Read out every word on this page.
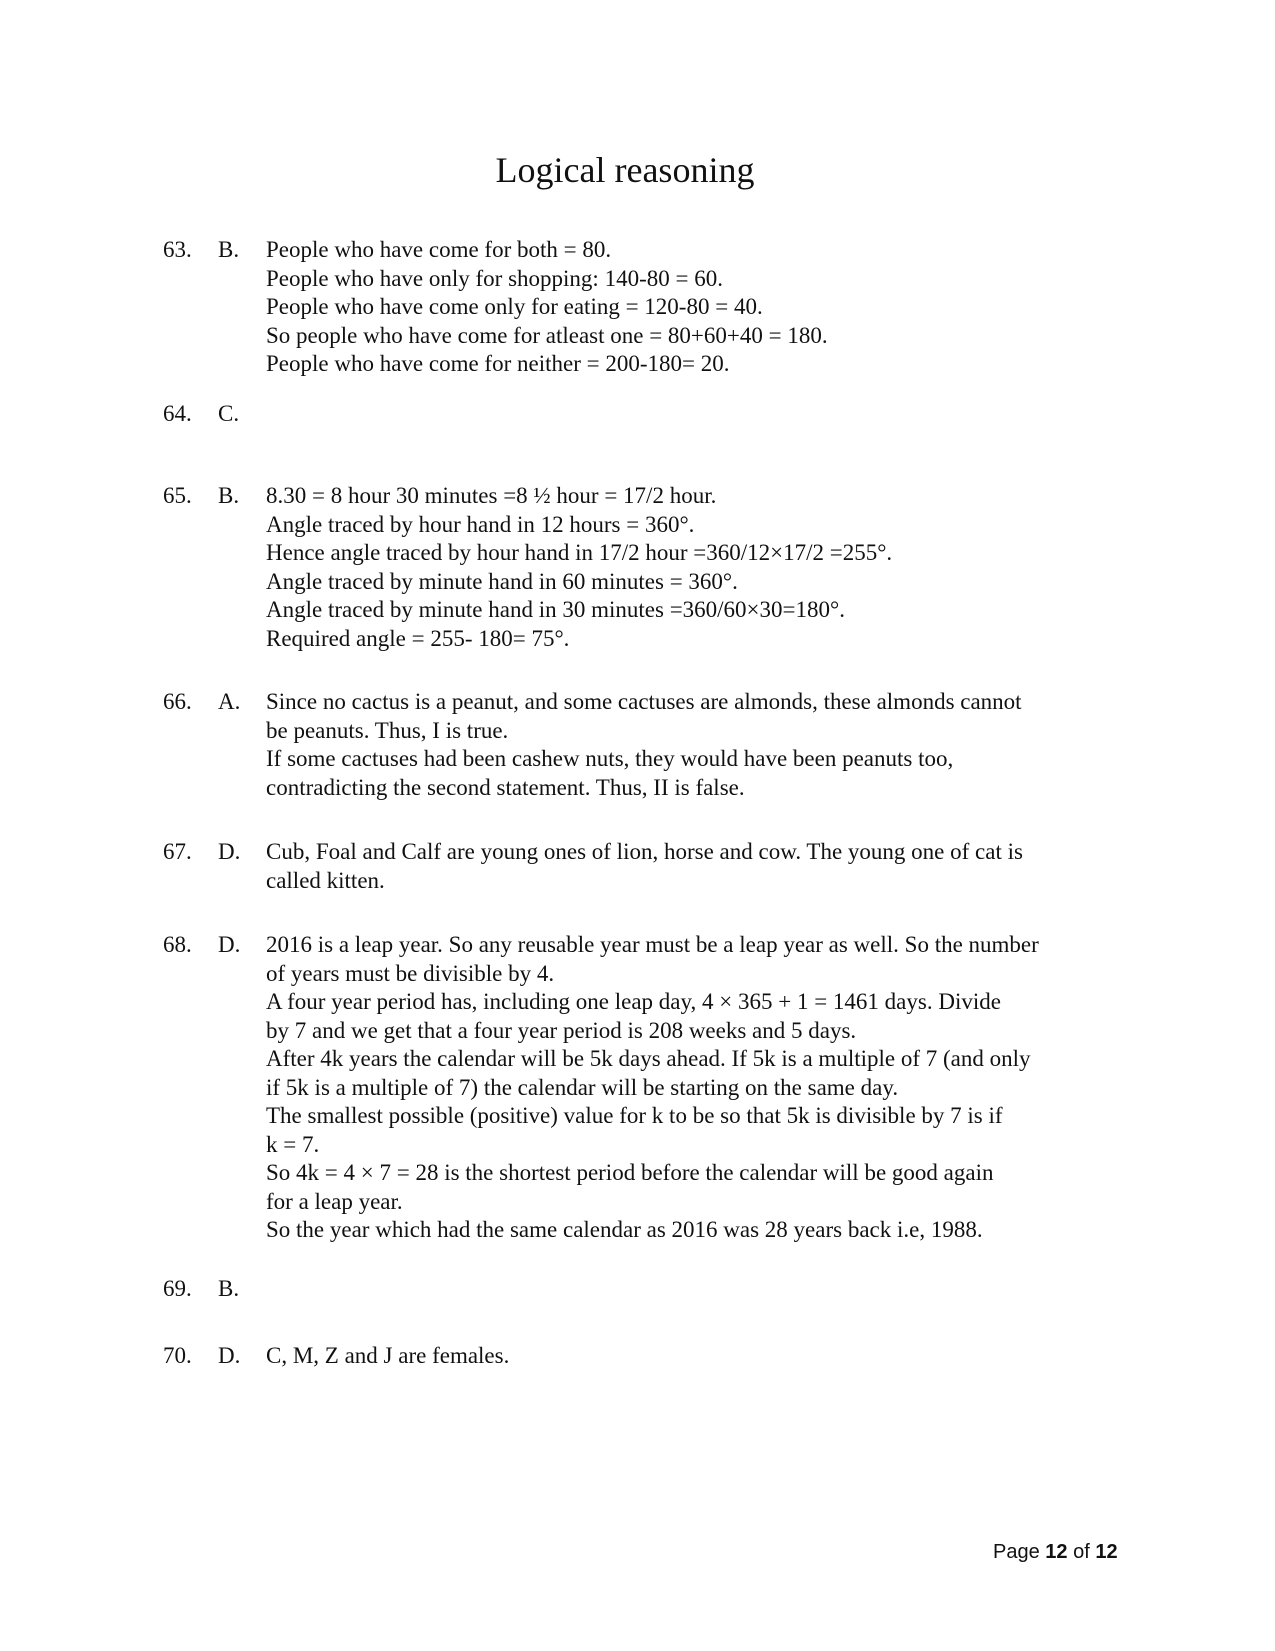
Logical reasoning
63.	B.	People who have come for both = 80.
People who have only for shopping: 140-80 = 60.
People who have come only for eating = 120-80 = 40.
So people who have come for atleast one = 80+60+40 = 180.
People who have come for neither = 200-180= 20.
64.	C.
65.	B.	8.30 = 8 hour 30 minutes =8 ½ hour = 17/2 hour.
Angle traced by hour hand in 12 hours = 360°.
Hence angle traced by hour hand in 17/2 hour =360/12×17/2 =255°.
Angle traced by minute hand in 60 minutes = 360°.
Angle traced by minute hand in 30 minutes =360/60×30=180°.
Required angle = 255- 180= 75°.
66.	A.	Since no cactus is a peanut, and some cactuses are almonds, these almonds cannot
be peanuts. Thus, I is true.
If some cactuses had been cashew nuts, they would have been peanuts too,
contradicting the second statement. Thus, II is false.
67.	D.	Cub, Foal and Calf are young ones of lion, horse and cow. The young one of cat is
called kitten.
68.	D.	2016 is a leap year. So any reusable year must be a leap year as well. So the number
of years must be divisible by 4.
A four year period has, including one leap day, 4 × 365 + 1 = 1461 days. Divide
by 7 and we get that a four year period is 208 weeks and 5 days.
After 4k years the calendar will be 5k days ahead. If 5k is a multiple of 7 (and only
if 5k is a multiple of 7) the calendar will be starting on the same day.
The smallest possible (positive) value for k to be so that 5k is divisible by 7 is if
k = 7.
So 4k = 4 × 7 = 28 is the shortest period before the calendar will be good again
for a leap year.
So the year which had the same calendar as 2016 was 28 years back i.e, 1988.
69.	B.
70.	D.	C, M, Z and J are females.
Page 12 of 12
